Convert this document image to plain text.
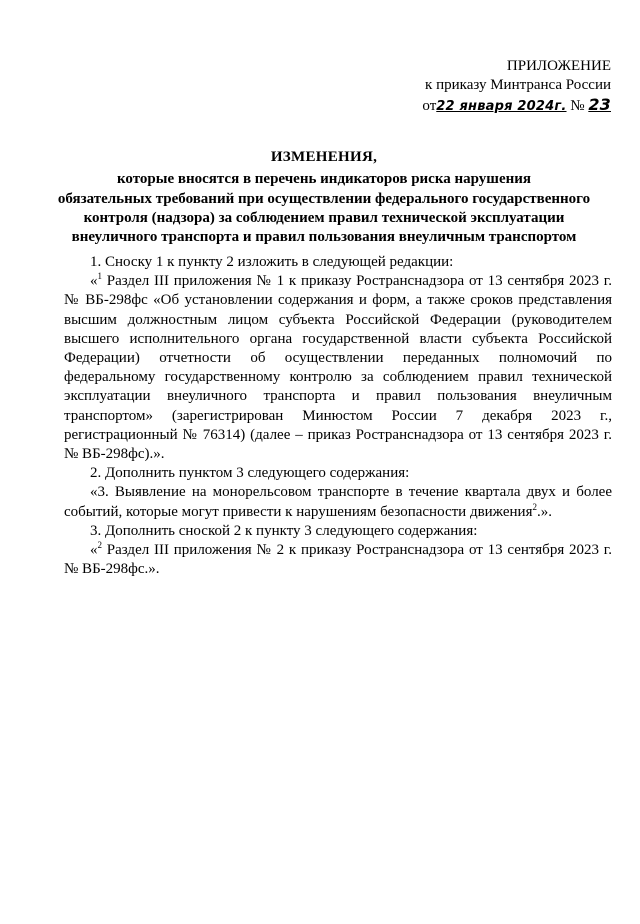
ПРИЛОЖЕНИЕ
к приказу Минтранса России
от22 января 2024г. № 23
ИЗМЕНЕНИЯ,
которые вносятся в перечень индикаторов риска нарушения
обязательных требований при осуществлении федерального государственного
контроля (надзора) за соблюдением правил технической эксплуатации
внеуличного транспорта и правил пользования внеуличным транспортом

1. Сноску 1 к пункту 2 изложить в следующей редакции:

«$^1$ Раздел III приложения № 1 к приказу Ространснадзора от 13 сентября 2023 г. № ВБ-298фс «Об установлении содержания и форм, а также сроков представления высшим должностным лицом субъекта Российской Федерации (руководителем высшего исполнительного органа государственной власти субъекта Российской Федерации) отчетности об осуществлении переданных полномочий по федеральному государственному контролю за соблюдением правил технической эксплуатации внеуличного транспорта и правил пользования внеуличным транспортом» (зарегистрирован Минюстом России 7 декабря 2023 г., регистрационный № 76314) (далее – приказ Ространснадзора от 13 сентября 2023 г. № ВБ-298фс).».

2. Дополнить пунктом 3 следующего содержания:

«3. Выявление на монорельсовом транспорте в течение квартала двух и более событий, которые могут привести к нарушениям безопасности движения$^2$.».

3. Дополнить сноской 2 к пункту 3 следующего содержания:

«$^2$ Раздел III приложения № 2 к приказу Ространснадзора от 13 сентября 2023 г. № ВБ-298фс.».
